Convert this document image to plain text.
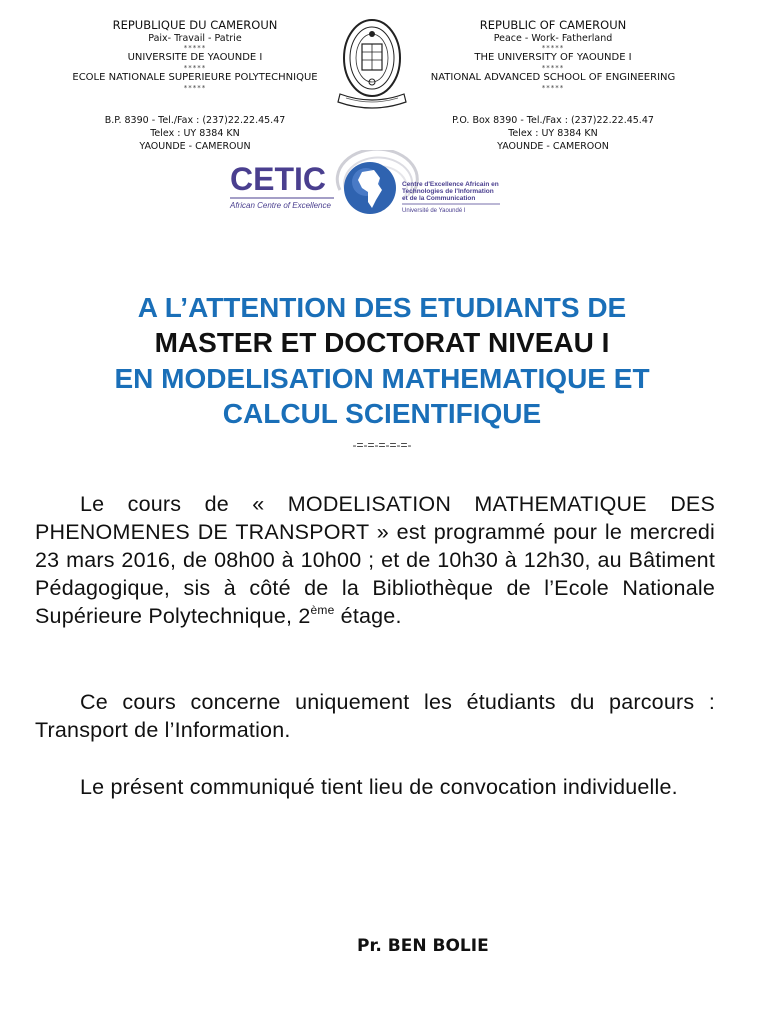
REPUBLIQUE DU CAMEROUN
Paix- Travail - Patrie
*****
UNIVERSITE DE YAOUNDE I
*****
ECOLE NATIONALE SUPERIEURE POLYTECHNIQUE
*****
B.P. 8390 - Tel./Fax : (237)22.22.45.47
Telex : UY 8384 KN
YAOUNDE - CAMEROUN
REPUBLIC OF CAMEROUN
Peace - Work- Fatherland
*****
THE UNIVERSITY OF YAOUNDE I
*****
NATIONAL ADVANCED SCHOOL OF ENGINEERING
*****
P.O. Box 8390 - Tel./Fax : (237)22.22.45.47
Telex : UY 8384 KN
YAOUNDE - CAMEROON
CETIC
African Centre of Excellence
Centre d'Excellence Africain en
Technologies de l'Information
et de la Communication
Université de Yaoundé I
A L’ATTENTION DES ETUDIANTS DE
MASTER ET DOCTORAT NIVEAU I
EN MODELISATION MATHEMATIQUE ET
CALCUL SCIENTIFIQUE
-=-=-=-=-=-

Le cours de « MODELISATION MATHEMATIQUE DES PHENOMENES DE TRANSPORT » est programmé pour le mercredi 23 mars 2016, de 08h00 à 10h00 ; et de 10h30 à 12h30, au Bâtiment Pédagogique, sis à côté de la Bibliothèque de l’Ecole Nationale Supérieure Polytechnique, 2ème étage.

Ce cours concerne uniquement les étudiants du parcours : Transport de l’Information.

Le présent communiqué tient lieu de convocation individuelle.

Pr. BEN BOLIE
